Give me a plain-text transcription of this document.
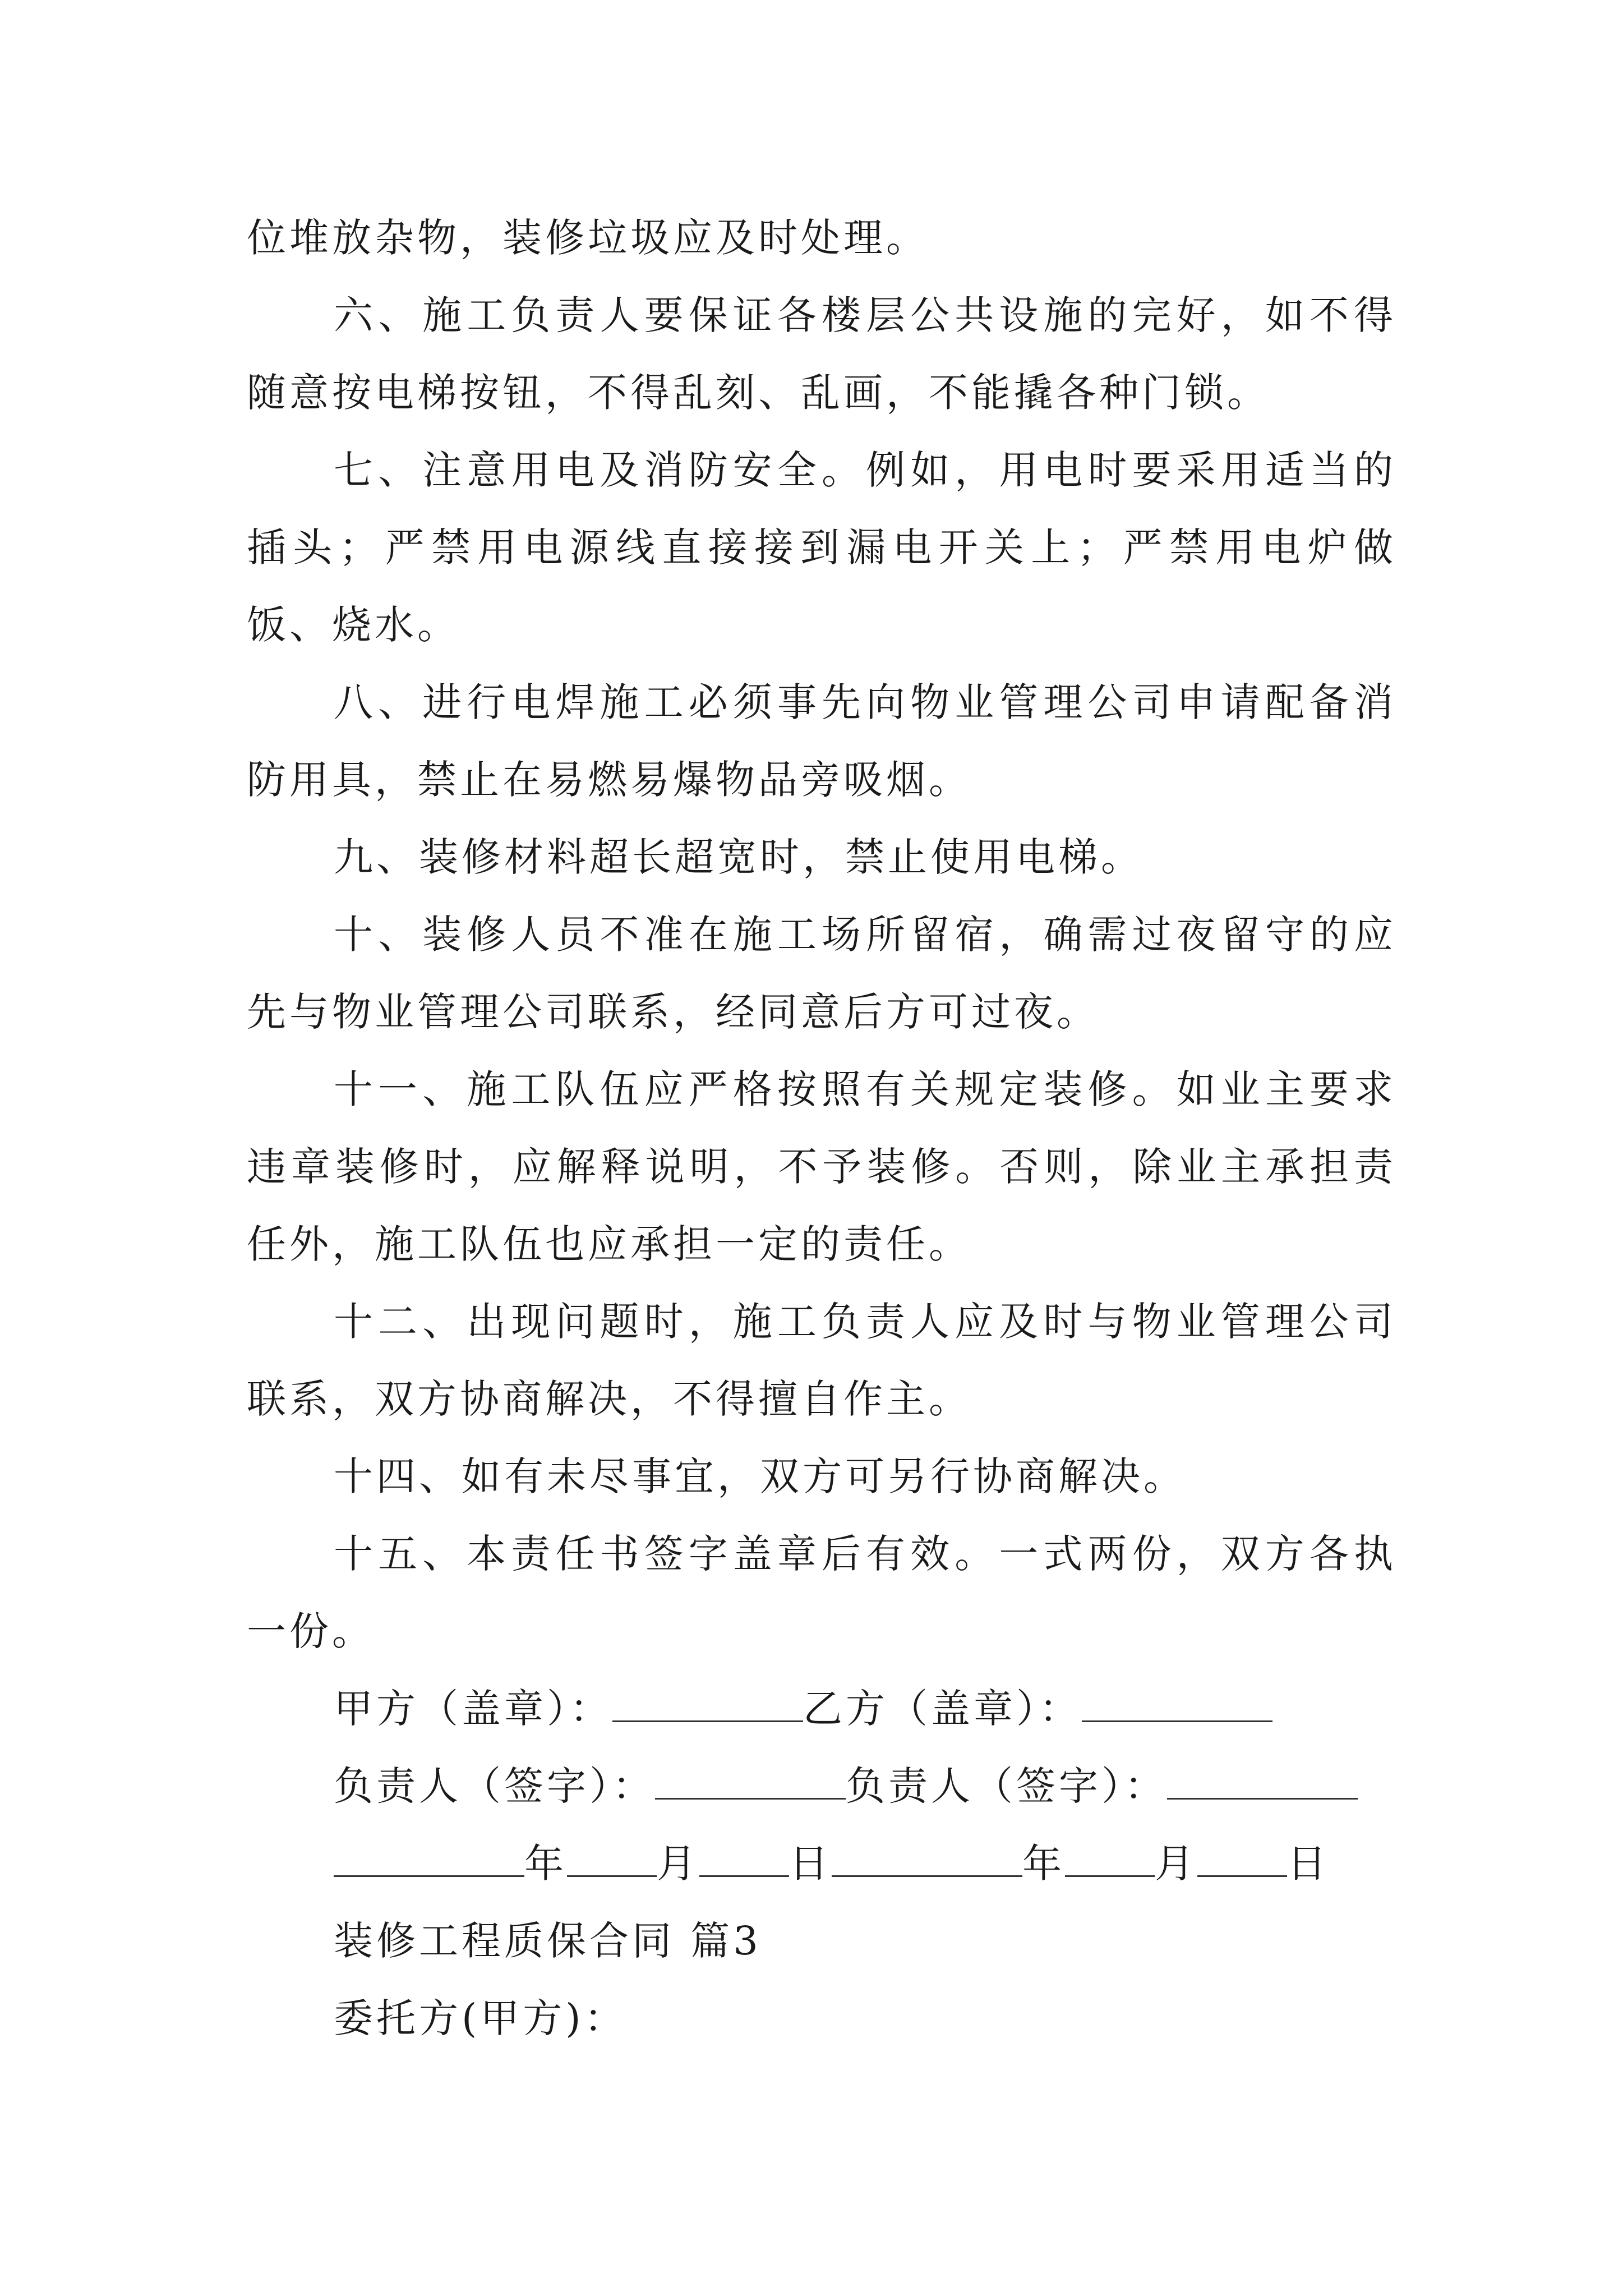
位堆放杂物，装修垃圾应及时处理。

六、施工负责人要保证各楼层公共设施的完好，如不得随意按电梯按钮，不得乱刻、乱画，不能撬各种门锁。

七、注意用电及消防安全。例如，用电时要采用适当的插头；严禁用电源线直接接到漏电开关上；严禁用电炉做饭、烧水。

八、进行电焊施工必须事先向物业管理公司申请配备消防用具，禁止在易燃易爆物品旁吸烟。

九、装修材料超长超宽时，禁止使用电梯。

十、装修人员不准在施工场所留宿，确需过夜留守的应先与物业管理公司联系，经同意后方可过夜。

十一、施工队伍应严格按照有关规定装修。如业主要求违章装修时，应解释说明，不予装修。否则，除业主承担责任外，施工队伍也应承担一定的责任。

十二、出现问题时，施工负责人应及时与物业管理公司联系，双方协商解决，不得擅自作主。

十四、如有未尽事宜，双方可另行协商解决。

十五、本责任书签字盖章后有效。一式两份，双方各执一份。

甲方（盖章）：	乙方（盖章）：

负责人（签字）：	负责人（签字）：

年 月 日	年 月 日

装修工程质保合同 篇3

委托方(甲方)：
